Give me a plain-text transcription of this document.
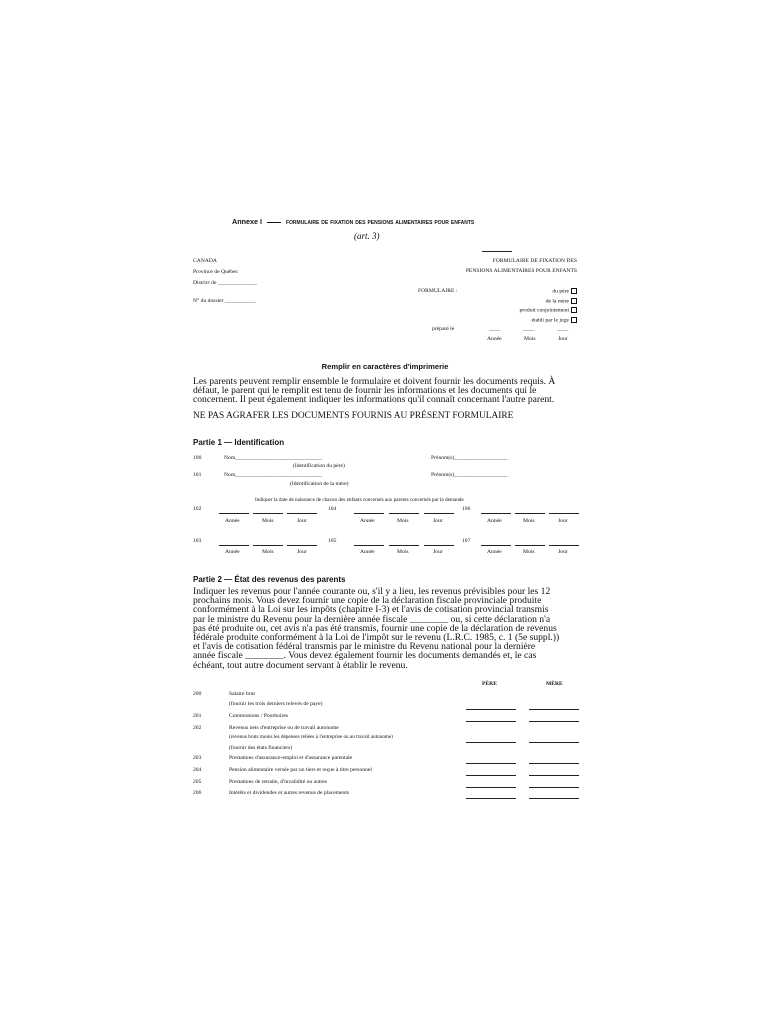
Annexe I	formulaire de fixation des pensions alimentaires pour enfants
(art. 3)
CANADA
Province de Québec
District de ______________
N° du dossier ___________
FORMULAIRE DE FIXATION DES
PENSIONS ALIMENTAIRES POUR ENFANTS
FORMULAIRE :	du père
de la mère
produit conjointement
établi par le juge
préparé le	____	____	____
Année	Mois	Jour
Remplir en caractères d'imprimerie
Les parents peuvent remplir ensemble le formulaire et doivent fournir les documents requis. À
défaut, le parent qui le remplit est tenu de fournir les informations et les documents qui le
concernent. Il peut également indiquer les informations qu'il connaît concernant l'autre parent.
NE PAS AGRAFER LES DOCUMENTS FOURNIS AU PRÉSENT FORMULAIRE
Partie 1 — Identification
100	Nom_______________________________	Prénom(s)___________________
(Identification du père)
101	Nom_______________________________	Prénom(s)___________________
(Identification de la mère)
Indiquer la date de naissance de chacun des enfants concernés aux parents concernés par la demande
102	104	106
Année	Mois	Jour	Année	Mois	Jour	Année	Mois	Jour
103	105	107
Année	Mois	Jour	Année	Mois	Jour	Année	Mois	Jour
Partie 2 — État des revenus des parents
Indiquer les revenus pour l'année courante ou, s'il y a lieu, les revenus prévisibles pour les 12
prochains mois. Vous devez fournir une copie de la déclaration fiscale provinciale produite
conformément à la Loi sur les impôts (chapitre I-3) et l'avis de cotisation provincial transmis
par le ministre du Revenu pour la dernière année fiscale ________ ou, si cette déclaration n'a
pas été produite ou, cet avis n'a pas été transmis, fournir une copie de la déclaration de revenus
fédérale produite conformément à la Loi de l'impôt sur le revenu (L.R.C. 1985, c. 1 (5e suppl.))
et l'avis de cotisation fédéral transmis par le ministre du Revenu national pour la dernière
année fiscale ________. Vous devez également fournir les documents demandés et, le cas
échéant, tout autre document servant à établir le revenu.
PÈRE	MÈRE
200	Salaire brut
(fournir les trois derniers relevés de paye)
201	Commissions / Pourboires
202	Revenus nets d'entreprise ou de travail autonome
(revenus bruts moins les dépenses reliées à l'entreprise ou au travail autonome)
(fournir des états financiers)
203	Prestations d'assurance-emploi et d'assurance parentale
204	Pension alimentaire versée par un tiers et reçue à titre personnel
205	Prestations de retraite, d'invalidité ou autres
206	Intérêts et dividendes et autres revenus de placements
